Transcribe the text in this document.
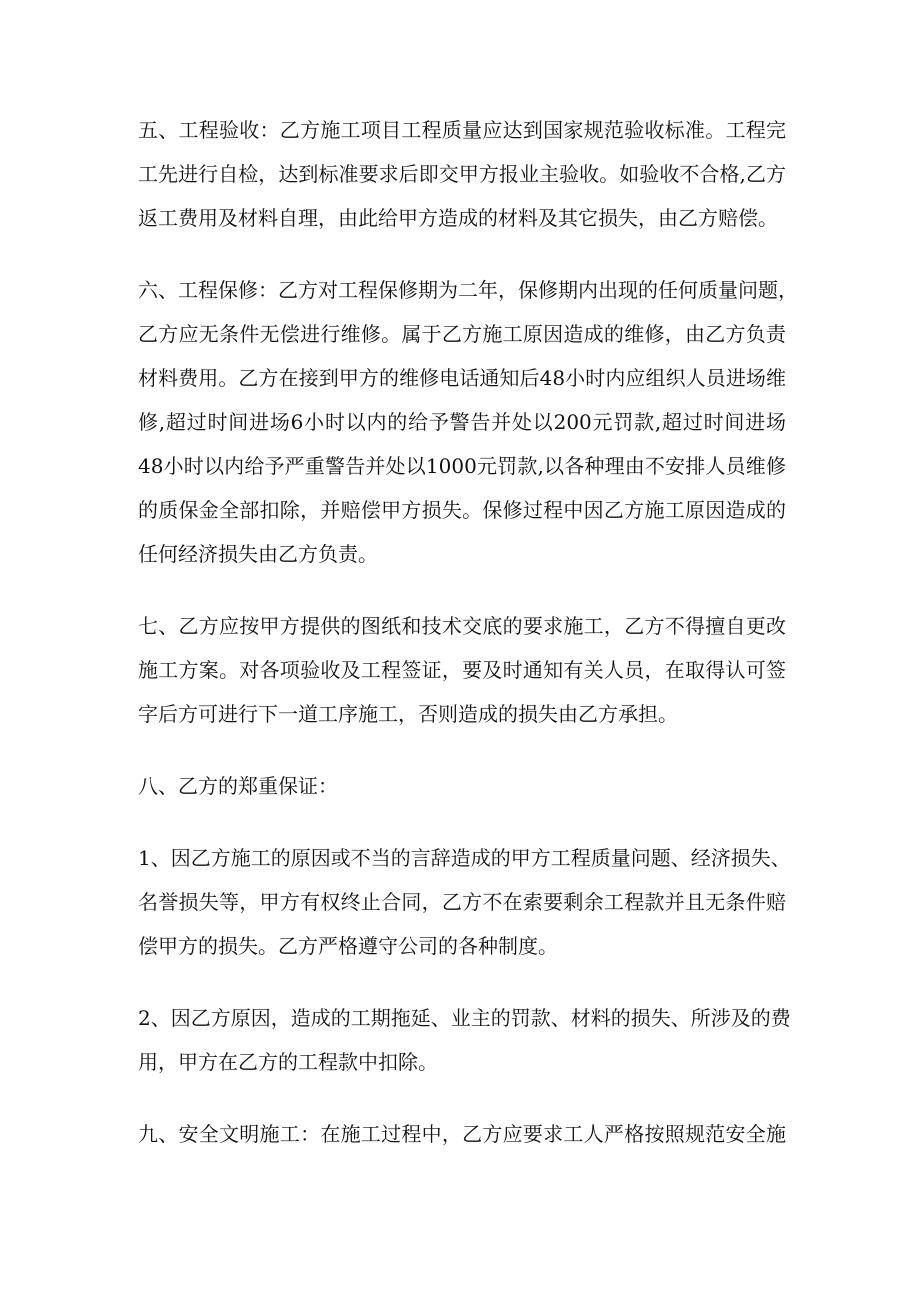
五、工程验收：乙方施工项目工程质量应达到国家规范验收标准。工程完
工先进行自检，达到标准要求后即交甲方报业主验收。如验收不合格,乙方
返工费用及材料自理，由此给甲方造成的材料及其它损失，由乙方赔偿。
六、工程保修：乙方对工程保修期为二年，保修期内出现的任何质量问题，
乙方应无条件无偿进行维修。属于乙方施工原因造成的维修，由乙方负责
材料费用。乙方在接到甲方的维修电话通知后48小时内应组织人员进场维
修,超过时间进场6小时以内的给予警告并处以200元罚款,超过时间进场
48小时以内给予严重警告并处以1000元罚款,以各种理由不安排人员维修
的质保金全部扣除，并赔偿甲方损失。保修过程中因乙方施工原因造成的
任何经济损失由乙方负责。
七、乙方应按甲方提供的图纸和技术交底的要求施工，乙方不得擅自更改
施工方案。对各项验收及工程签证，要及时通知有关人员，在取得认可签
字后方可进行下一道工序施工，否则造成的损失由乙方承担。
八、乙方的郑重保证：
1、因乙方施工的原因或不当的言辞造成的甲方工程质量问题、经济损失、
名誉损失等，甲方有权终止合同，乙方不在索要剩余工程款并且无条件赔
偿甲方的损失。乙方严格遵守公司的各种制度。
2、因乙方原因，造成的工期拖延、业主的罚款、材料的损失、所涉及的费
用，甲方在乙方的工程款中扣除。
九、安全文明施工：在施工过程中，乙方应要求工人严格按照规范安全施
